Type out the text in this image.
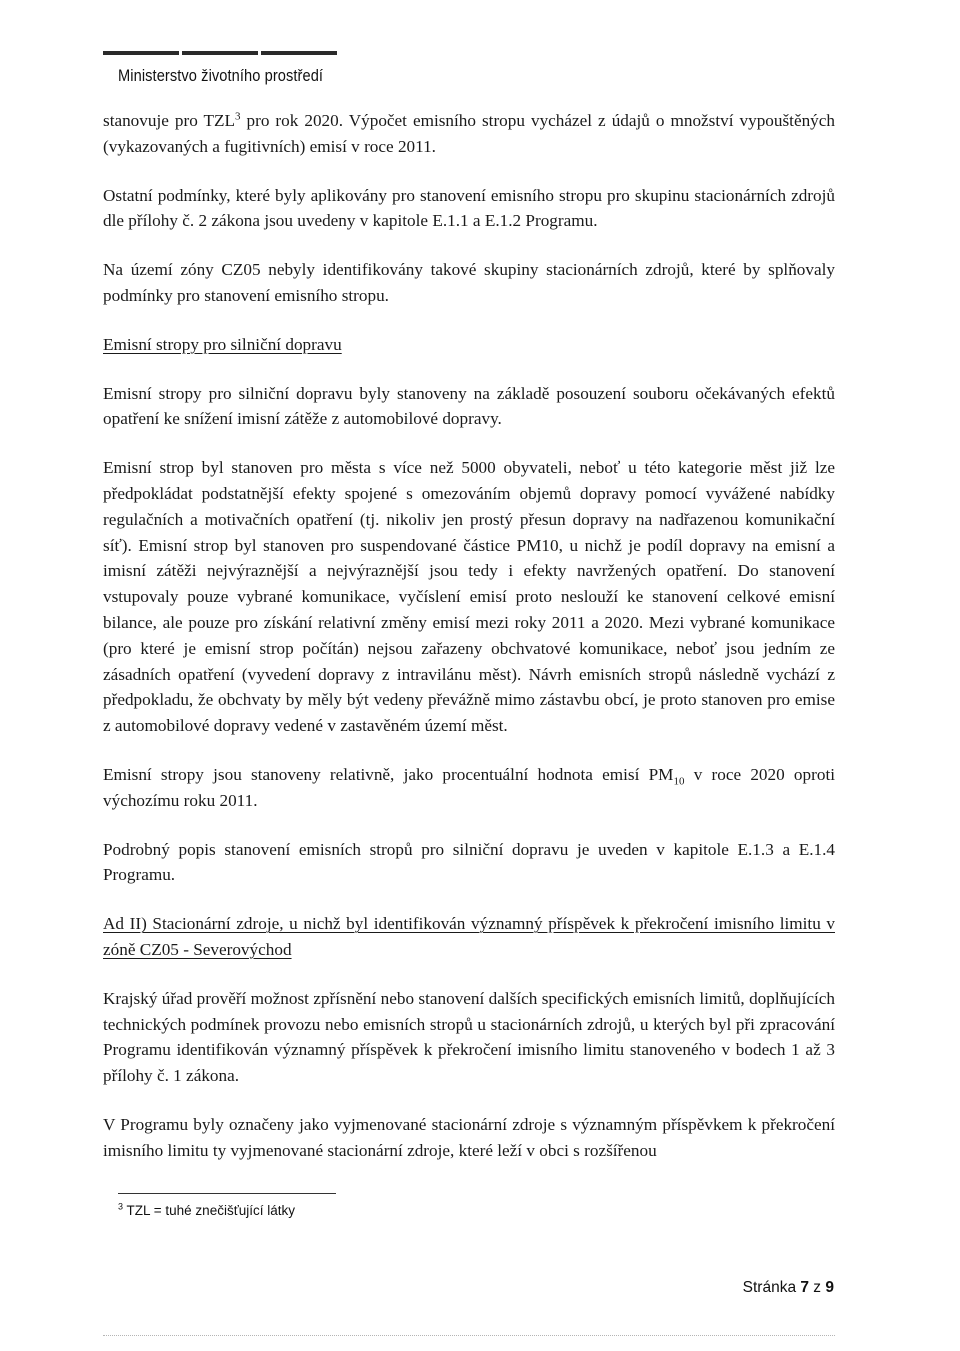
Ministerstvo životního prostředí

stanovuje pro TZL$^3$ pro rok 2020. Výpočet emisního stropu vycházel z údajů o množství vypouštěných (vykazovaných a fugitivních) emisí v roce 2011.

Ostatní podmínky, které byly aplikovány pro stanovení emisního stropu pro skupinu stacionárních zdrojů dle přílohy č. 2 zákona jsou uvedeny v kapitole E.1.1 a E.1.2 Programu.

Na území zóny CZ05 nebyly identifikovány takové skupiny stacionárních zdrojů, které by splňovaly podmínky pro stanovení emisního stropu.

Emisní stropy pro silniční dopravu

Emisní stropy pro silniční dopravu byly stanoveny na základě posouzení souboru očekávaných efektů opatření ke snížení imisní zátěže z automobilové dopravy.

Emisní strop byl stanoven pro města s více než 5000 obyvateli, neboť u této kategorie měst již lze předpokládat podstatnější efekty spojené s omezováním objemů dopravy pomocí vyvážené nabídky regulačních a motivačních opatření (tj. nikoliv jen prostý přesun dopravy na nadřazenou komunikační síť). Emisní strop byl stanoven pro suspendované částice PM10, u nichž je podíl dopravy na emisní a imisní zátěži nejvýraznější a nejvýraznější jsou tedy i efekty navržených opatření. Do stanovení vstupovaly pouze vybrané komunikace, vyčíslení emisí proto neslouží ke stanovení celkové emisní bilance, ale pouze pro získání relativní změny emisí mezi roky 2011 a 2020. Mezi vybrané komunikace (pro které je emisní strop počítán) nejsou zařazeny obchvatové komunikace, neboť jsou jedním ze zásadních opatření (vyvedení dopravy z intravilánu měst). Návrh emisních stropů následně vychází z předpokladu, že obchvaty by měly být vedeny převážně mimo zástavbu obcí, je proto stanoven pro emise z automobilové dopravy vedené v zastavěném území měst.

Emisní stropy jsou stanoveny relativně, jako procentuální hodnota emisí $PM_{10}$ v roce 2020 oproti výchozímu roku 2011.

Podrobný popis stanovení emisních stropů pro silniční dopravu je uveden v kapitole E.1.3 a E.1.4 Programu.

Ad II) Stacionární zdroje, u nichž byl identifikován významný příspěvek k překročení imisního limitu v zóně CZ05 - Severovýchod

Krajský úřad prověří možnost zpřísnění nebo stanovení dalších specifických emisních limitů, doplňujících technických podmínek provozu nebo emisních stropů u stacionárních zdrojů, u kterých byl při zpracování Programu identifikován významný příspěvek k překročení imisního limitu stanoveného v bodech 1 až 3 přílohy č. 1 zákona.

V Programu byly označeny jako vyjmenované stacionární zdroje s významným příspěvkem k překročení imisního limitu ty vyjmenované stacionární zdroje, které leží v obci s rozšířenou

$^3$ TZL = tuhé znečišťující látky
Stránka 7 z 9
